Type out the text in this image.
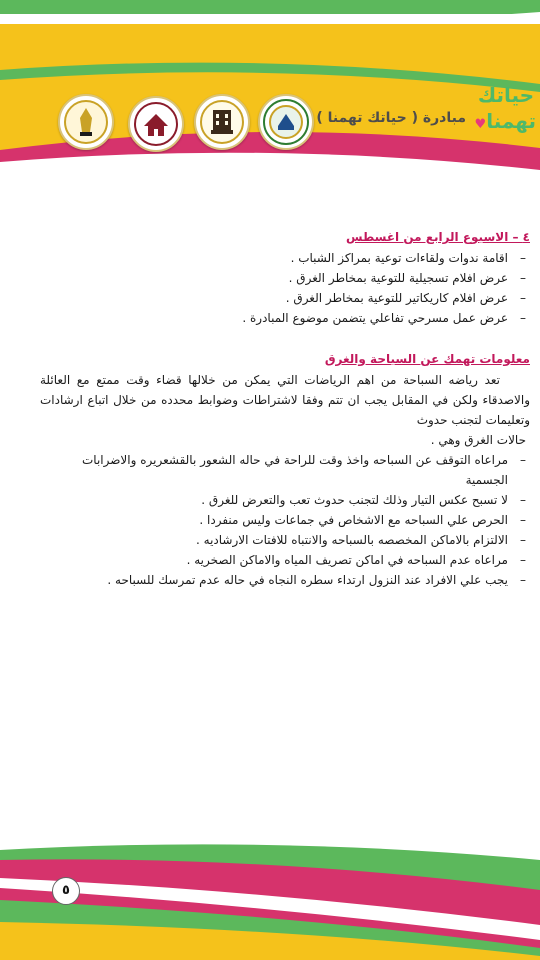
مبادرة ( حياتك تهمنا )
حياتك
تهمنا♥
٤ – الاسبوع الرابع من اغسطس
–
اقامة ندوات ولقاءات توعية بمراكز الشباب .
–
عرض افلام تسجيلية للتوعية بمخاطر الغرق .
–
عرض افلام كاريكاتير للتوعية بمخاطر الغرق .
–
عرض عمل مسرحي تفاعلي يتضمن موضوع المبادرة .
معلومات تهمك عن السباحة والغرق

تعد رياضه السباحة من اهم الرياضات التي يمكن من خلالها قضاء وقت ممتع مع العائلة والاصدقاء ولكن في المقابل يجب ان تتم وفقا لاشتراطات وضوابط محدده من خلال اتباع ارشادات وتعليمات لتجنب حدوث

حالات الغرق وهي .

–
مراعاه التوقف عن السباحه واخذ وقت للراحة في حاله الشعور بالقشعريره والاضرابات الجسمية
–
لا تسبح عكس التيار وذلك لتجنب حدوث تعب والتعرض للغرق .
–
الحرص علي السباحه مع الاشخاص في جماعات وليس منفردا .
–
الالتزام بالاماكن المخصصه بالسباحه والانتباه للافتات الارشاديه .
–
مراعاه عدم السباحه في اماكن تصريف المياه والاماكن الصخريه .
–
يجب علي الافراد عند النزول ارتداء سطره النجاه في حاله عدم تمرسك للسباحه .
٥
